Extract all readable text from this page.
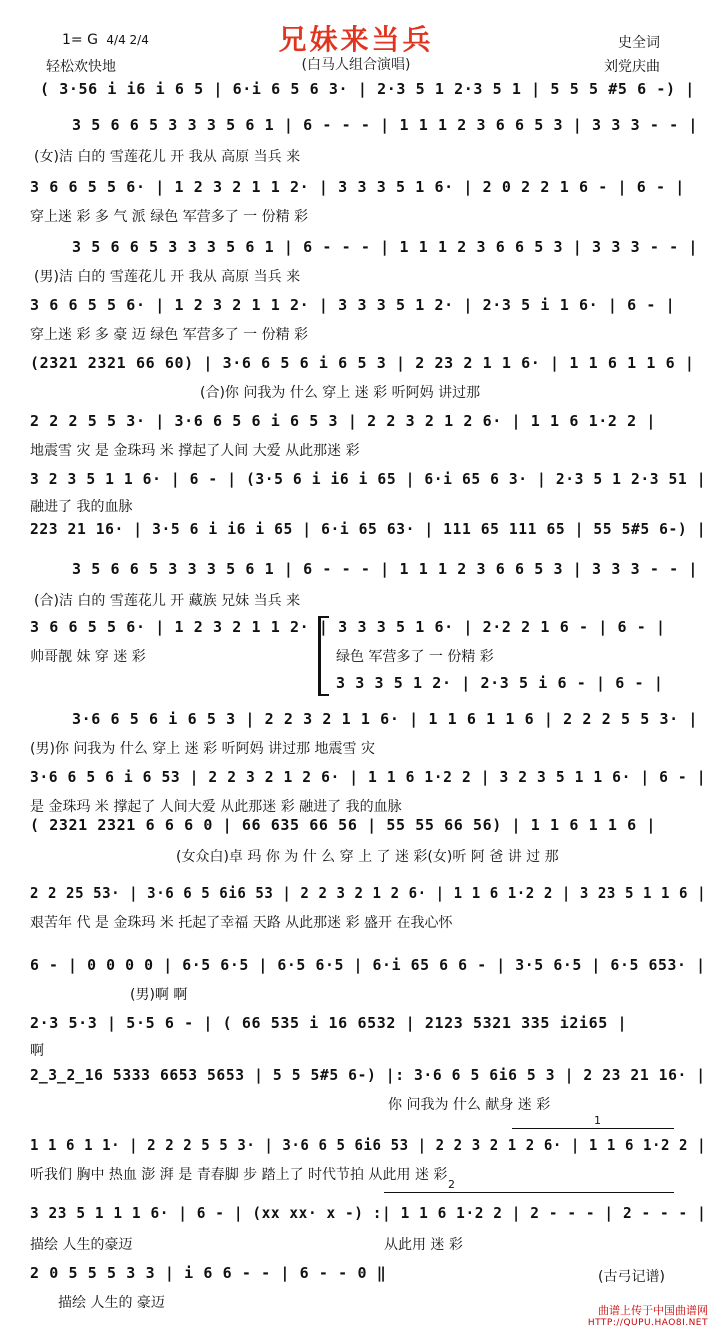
兄妹来当兵
(白马人组合演唱)
1= G 4/4 2/4
轻松欢快地
史全词
刘党庆曲
( 3·56 i i6 i 6 5 | 6·i 6 5 6 3· | 2·3 5 1 2·3 5 1 | 5 5 5 #5 6 -) |
3 5 6 6 5 3 3 3 5 6 1 | 6 - - - | 1 1 1 2 3 6 6 5 3 | 3 3 3 - - |
(女)洁 白的 雪莲花儿 开 我从 高原 当兵 来
3 6 6 5 5 6· | 1 2 3 2 1 1 2· | 3 3 3 5 1 6· | 2 0 2 2 1 6 - | 6 - |
穿上迷 彩 多 气 派 绿色 军营多了 一 份精 彩
3 5 6 6 5 3 3 3 5 6 1 | 6 - - - | 1 1 1 2 3 6 6 5 3 | 3 3 3 - - |
(男)洁 白的 雪莲花儿 开 我从 高原 当兵 来
3 6 6 5 5 6· | 1 2 3 2 1 1 2· | 3 3 3 5 1 2· | 2·3 5 i 1 6· | 6 - |
穿上迷 彩 多 豪 迈 绿色 军营多了 一 份精 彩
(2321 2321 66 60) | 3·6 6 5 6 i 6 5 3 | 2 23 2 1 1 6· | 1 1 6 1 1 6 |
(合)你 问我为 什么 穿上 迷 彩 听阿妈 讲过那
2 2 2 5 5 3· | 3·6 6 5 6 i 6 5 3 | 2 2 3 2 1 2 6· | 1 1 6 1·2 2 |
地震雪 灾 是 金珠玛 米 撑起了人间 大爱 从此那迷 彩
3 2 3 5 1 1 6· | 6 - | (3·5 6 i i6 i 65 | 6·i 65 6 3· | 2·3 5 1 2·3 51 |
融进了 我的血脉
223 21 16· | 3·5 6 i i6 i 65 | 6·i 65 63· | 111 65 111 65 | 55 5#5 6-) |
3 5 6 6 5 3 3 3 5 6 1 | 6 - - - | 1 1 1 2 3 6 6 5 3 | 3 3 3 - - |
(合)洁 白的 雪莲花儿 开 藏族 兄妹 当兵 来
3 6 6 5 5 6· | 1 2 3 2 1 1 2· | 3 3 3 5 1 6· | 2·2 2 1 6 - | 6 - |
帅哥靓 妹 穿 迷 彩	绿色 军营多了 一 份精 彩
3 3 3 5 1 2· | 2·3 5 i 6 - | 6 - |
3·6 6 5 6 i 6 5 3 | 2 2 3 2 1 1 6· | 1 1 6 1 1 6 | 2 2 2 5 5 3· |
(男)你 问我为 什么 穿上 迷 彩 听阿妈 讲过那 地震雪 灾
3·6 6 5 6 i 6 53 | 2 2 3 2 1 2 6· | 1 1 6 1·2 2 | 3 2 3 5 1 1 6· | 6 - |
是 金珠玛 米 撑起了 人间大爱 从此那迷 彩 融进了 我的血脉
( 2321 2321 6 6 6 0 | 66 635 66 56 | 55 55 66 56) | 1 1 6 1 1 6 |
(女众白)卓 玛 你 为 什 么 穿 上 了 迷 彩(女)听 阿 爸 讲 过 那
2 2 25 53· | 3·6 6 5 6i6 53 | 2 2 3 2 1 2 6· | 1 1 6 1·2 2 | 3 23 5 1 1 6 |
艰苦年 代 是 金珠玛 米 托起了幸福 天路 从此那迷 彩 盛开 在我心怀
6 - | 0 0 0 0 | 6·5 6·5 | 6·5 6·5 | 6·i 65 6 6 - | 3·5 6·5 | 6·5 653· |
(男)啊 啊
2·3 5·3 | 5·5 6 - | ( 66 535 i 16 6532 | 2123 5321 335 i2i65 |
啊
2̲3̲2̲16 5333 6653 5653 | 5 5 5#5 6-) |: 3·6 6 5 6i6 5 3 | 2 23 21 16· |
你 问我为 什么 献身 迷 彩
1 1 6 1 1· | 2 2 2 5 5 3· | 3·6 6 5 6i6 53 | 2 2 3 2 1 2 6· | 1 1 6 1·2 2 |
听我们 胸中 热血 澎 湃 是 青春脚 步 踏上了 时代节拍 从此用 迷 彩
1
2
3 23 5 1 1 1 6· | 6 - | (xx xx· x -) :| 1 1 6 1·2 2 | 2 - - - | 2 - - - |
描绘 人生的豪迈	从此用 迷 彩
2 0 5 5 5 3 3 | i 6 6 - - | 6 - - 0 ‖
描绘 人生的 豪迈
(古弓记谱)
曲谱上传于中国曲谱网
HTTP://QUPU.HAO8I.NET
